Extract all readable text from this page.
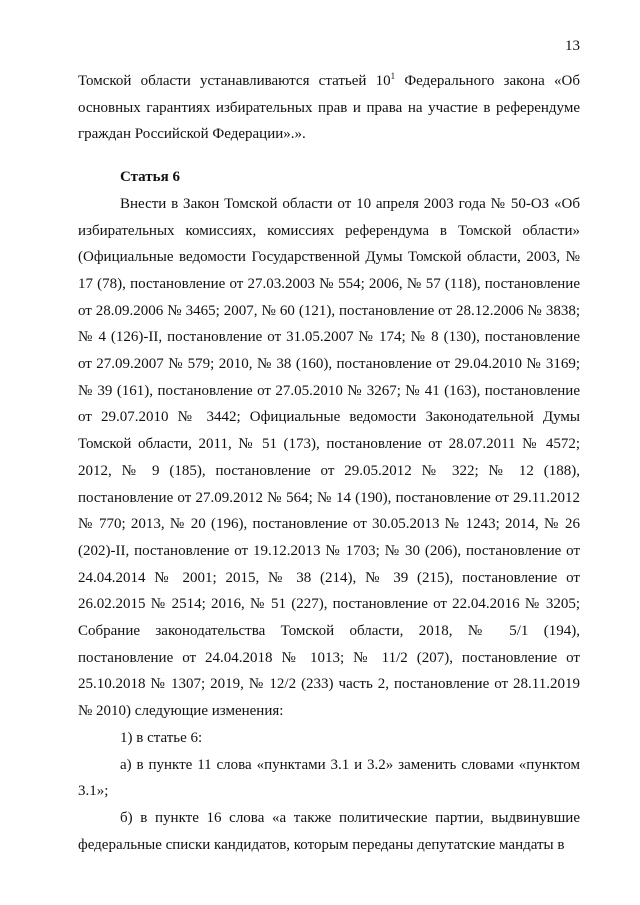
13

Томской области устанавливаются статьей $10^1$ Федерального закона «Об основных гарантиях избирательных прав и права на участие в референдуме граждан Российской Федерации».».

Статья 6

Внести в Закон Томской области от 10 апреля 2003 года № 50-ОЗ «Об избирательных комиссиях, комиссиях референдума в Томской области» (Официальные ведомости Государственной Думы Томской области, 2003, № 17 (78), постановление от 27.03.2003 № 554; 2006, № 57 (118), постановление от 28.09.2006 № 3465; 2007, № 60 (121), постановление от 28.12.2006 № 3838; № 4 (126)-II, постановление от 31.05.2007 № 174; № 8 (130), постановление от 27.09.2007 № 579; 2010, № 38 (160), постановление от 29.04.2010 № 3169; № 39 (161), постановление от 27.05.2010 № 3267; № 41 (163), постановление от 29.07.2010 № 3442; Официальные ведомости Законодательной Думы Томской области, 2011, № 51 (173), постановление от 28.07.2011 № 4572; 2012, № 9 (185), постановление от 29.05.2012 № 322; № 12 (188), постановление от 27.09.2012 № 564; № 14 (190), постановление от 29.11.2012 № 770; 2013, № 20 (196), постановление от 30.05.2013 № 1243; 2014, № 26 (202)-II, постановление от 19.12.2013 № 1703; № 30 (206), постановление от 24.04.2014 № 2001; 2015, № 38 (214), № 39 (215), постановление от 26.02.2015 № 2514; 2016, № 51 (227), постановление от 22.04.2016 № 3205; Собрание законодательства Томской области, 2018, № 5/1 (194), постановление от 24.04.2018 № 1013; № 11/2 (207), постановление от 25.10.2018 № 1307; 2019, № 12/2 (233) часть 2, постановление от 28.11.2019 № 2010) следующие изменения:

1) в статье 6:

а) в пункте 11 слова «пунктами 3.1 и 3.2» заменить словами «пунктом 3.1»;

б) в пункте 16 слова «а также политические партии, выдвинувшие федеральные списки кандидатов, которым переданы депутатские мандаты в
